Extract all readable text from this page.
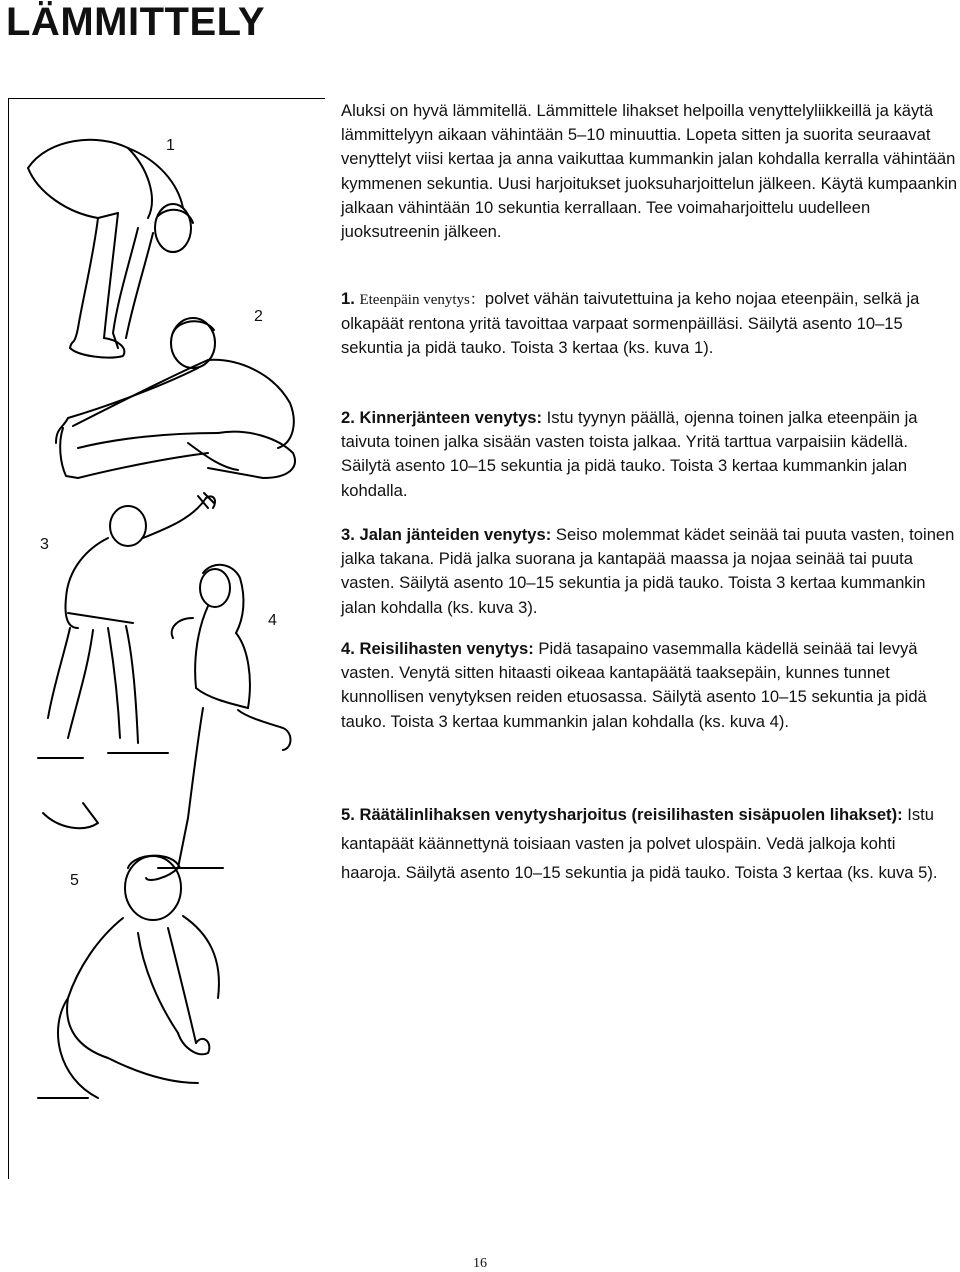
LÄMMITTELY
1
2
3
4
5

Aluksi on hyvä lämmitellä. Lämmittele lihakset helpoilla venyttelyliikkeillä ja käytä lämmittelyyn aikaan vähintään 5–10 minuuttia. Lopeta sitten ja suorita seuraavat venyttelyt viisi kertaa ja anna vaikuttaa kummankin jalan kohdalla kerralla vähintään kymmenen sekuntia. Uusi harjoitukset juoksuharjoittelun jälkeen. Käytä kumpaankin jalkaan vähintään 10 sekuntia kerrallaan. Tee voimaharjoittelu uudelleen juoksutreenin jälkeen.

1. Eteenpäin venytys：polvet vähän taivutettuina ja keho nojaa eteenpäin, selkä ja olkapäät rentona yritä tavoittaa varpaat sormenpäilläsi. Säilytä asento 10–15 sekuntia ja pidä tauko. Toista 3 kertaa (ks. kuva 1).

2. Kinnerjänteen venytys: Istu tyynyn päällä, ojenna toinen jalka eteenpäin ja taivuta toinen jalka sisään vasten toista jalkaa. Yritä tarttua varpaisiin kädellä. Säilytä asento 10–15 sekuntia ja pidä tauko. Toista 3 kertaa kummankin jalan kohdalla.

3. Jalan jänteiden venytys: Seiso molemmat kädet seinää tai puuta vasten, toinen jalka takana. Pidä jalka suorana ja kantapää maassa ja nojaa seinää tai puuta vasten. Säilytä asento 10–15 sekuntia ja pidä tauko. Toista 3 kertaa kummankin jalan kohdalla (ks. kuva 3).

4. Reisilihasten venytys: Pidä tasapaino vasemmalla kädellä seinää tai levyä vasten. Venytä sitten hitaasti oikeaa kantapäätä taaksepäin, kunnes tunnet kunnollisen venytyksen reiden etuosassa. Säilytä asento 10–15 sekuntia ja pidä tauko. Toista 3 kertaa kummankin jalan kohdalla (ks. kuva 4).

5. Räätälinlihaksen venytysharjoitus (reisilihasten sisäpuolen lihakset): Istu kantapäät käännettynä toisiaan vasten ja polvet ulospäin. Vedä jalkoja kohti haaroja. Säilytä asento 10–15 sekuntia ja pidä tauko. Toista 3 kertaa (ks. kuva 5).

16
